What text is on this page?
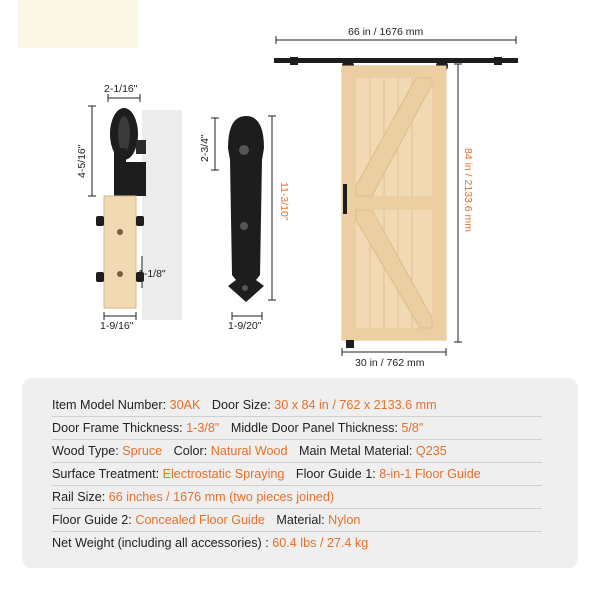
66 in / 1676 mm
84 in / 2133.6 mm
30 in / 762 mm
2-1/16"
4-5/16"
1-1/8"
1-9/16"
2-3/4"
11-3/10"
1-9/20"
Item Model Number: 30AK Door Size: 30 x 84 in / 762 x 2133.6 mm
Door Frame Thickness: 1-3/8" Middle Door Panel Thickness: 5/8"
Wood Type: Spruce Color: Natural Wood Main Metal Material: Q235
Surface Treatment: Electrostatic Spraying Floor Guide 1: 8-in-1 Floor Guide
Rail Size: 66 inches / 1676 mm (two pieces joined)
Floor Guide 2: Concealed Floor Guide Material: Nylon
Net Weight (including all accessories) : 60.4 lbs / 27.4 kg
